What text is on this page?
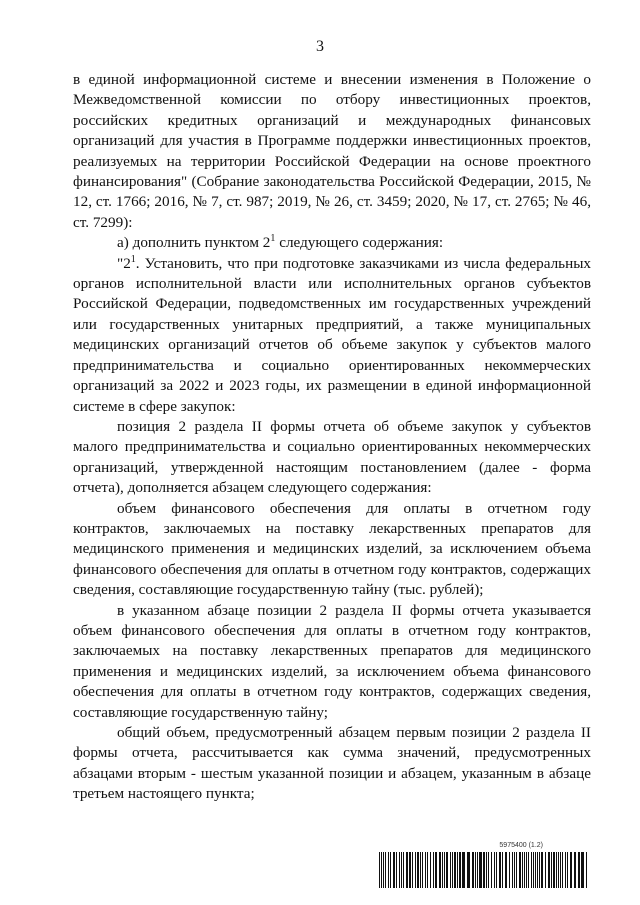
3

в единой информационной системе и внесении изменения в Положение о Межведомственной комиссии по отбору инвестиционных проектов, российских кредитных организаций и международных финансовых организаций для участия в Программе поддержки инвестиционных проектов, реализуемых на территории Российской Федерации на основе проектного финансирования" (Собрание законодательства Российской Федерации, 2015, № 12, ст. 1766; 2016, № 7, ст. 987; 2019, № 26, ст. 3459; 2020, № 17, ст. 2765; № 46, ст. 7299):

а) дополнить пунктом $2^1$ следующего содержания:

"$2^1$. Установить, что при подготовке заказчиками из числа федеральных органов исполнительной власти или исполнительных органов субъектов Российской Федерации, подведомственных им государственных учреждений или государственных унитарных предприятий, а также муниципальных медицинских организаций отчетов об объеме закупок у субъектов малого предпринимательства и социально ориентированных некоммерческих организаций за 2022 и 2023 годы, их размещении в единой информационной системе в сфере закупок:

позиция 2 раздела II формы отчета об объеме закупок у субъектов малого предпринимательства и социально ориентированных некоммерческих организаций, утвержденной настоящим постановлением (далее - форма отчета), дополняется абзацем следующего содержания:

объем финансового обеспечения для оплаты в отчетном году контрактов, заключаемых на поставку лекарственных препаратов для медицинского применения и медицинских изделий, за исключением объема финансового обеспечения для оплаты в отчетном году контрактов, содержащих сведения, составляющие государственную тайну (тыс. рублей);

в указанном абзаце позиции 2 раздела II формы отчета указывается объем финансового обеспечения для оплаты в отчетном году контрактов, заключаемых на поставку лекарственных препаратов для медицинского применения и медицинских изделий, за исключением объема финансового обеспечения для оплаты в отчетном году контрактов, содержащих сведения, составляющие государственную тайну;

общий объем, предусмотренный абзацем первым позиции 2 раздела II формы отчета, рассчитывается как сумма значений, предусмотренных абзацами вторым - шестым указанной позиции и абзацем, указанным в абзаце третьем настоящего пункта;

5975400 (1.2)
